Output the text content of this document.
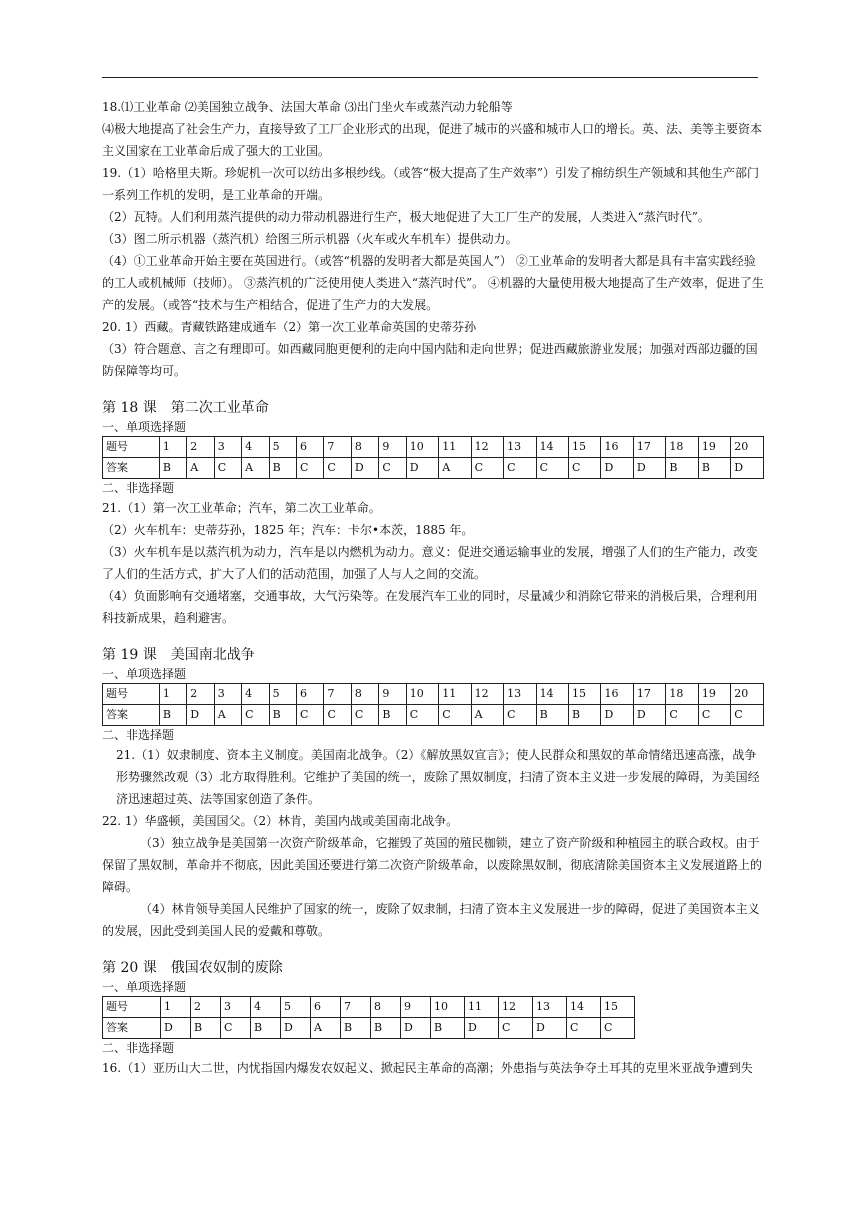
18.⑴工业革命 ⑵美国独立战争、法国大革命 ⑶出门坐火车或蒸汽动力轮船等

⑷极大地提高了社会生产力，直接导致了工厂企业形式的出现，促进了城市的兴盛和城市人口的增长。英、法、美等主要资本主义国家在工业革命后成了强大的工业国。

19.（1）哈格里夫斯。珍妮机一次可以纺出多根纱线。（或答“极大提高了生产效率”）引发了棉纺织生产领域和其他生产部门一系列工作机的发明，是工业革命的开端。

（2）瓦特。人们利用蒸汽提供的动力带动机器进行生产，极大地促进了大工厂生产的发展，人类进入“蒸汽时代”。

（3）图二所示机器（蒸汽机）给图三所示机器（火车或火车机车）提供动力。

（4）①工业革命开始主要在英国进行。（或答“机器的发明者大都是英国人”） ②工业革命的发明者大都是具有丰富实践经验的工人或机械师（技师）。 ③蒸汽机的广泛使用使人类进入“蒸汽时代”。 ④机器的大量使用极大地提高了生产效率，促进了生产的发展。（或答“技术与生产相结合，促进了生产力的大发展。

20. 1）西藏。青藏铁路建成通车（2）第一次工业革命英国的史蒂芬孙

（3）符合题意、言之有理即可。如西藏同胞更便利的走向中国内陆和走向世界；促进西藏旅游业发展；加强对西部边疆的国防保障等均可。

第 18 课　第二次工业革命

一、单项选择题

题号	1	2	3	4	5	6	7	8	9	10	11	12	13	14	15	16	17	18	19	20
答案	B	A	C	A	B	C	C	D	C	D	A	C	C	C	C	D	D	B	B	D

二、非选择题

21.（1）第一次工业革命；汽车，第二次工业革命。

（2）火车机车：史蒂芬孙，1825 年；汽车：卡尔•本茨，1885 年。

（3）火车机车是以蒸汽机为动力，汽车是以内燃机为动力。意义：促进交通运输事业的发展，增强了人们的生产能力，改变了人们的生活方式，扩大了人们的活动范围，加强了人与人之间的交流。

（4）负面影响有交通堵塞，交通事故，大气污染等。在发展汽车工业的同时，尽量减少和消除它带来的消极后果，合理利用科技新成果，趋利避害。

第 19 课　美国南北战争

一、单项选择题

题号	1	2	3	4	5	6	7	8	9	10	11	12	13	14	15	16	17	18	19	20
答案	B	D	A	C	B	C	C	C	B	C	C	A	C	B	B	D	D	C	C	C

二、非选择题

21.（1）奴隶制度、资本主义制度。美国南北战争。（2）《解放黑奴宣言》；使人民群众和黑奴的革命情绪迅速高涨，战争形势骤然改观（3）北方取得胜利。它维护了美国的统一，废除了黑奴制度，扫清了资本主义进一步发展的障碍，为美国经济迅速超过英、法等国家创造了条件。

22. 1）华盛顿，美国国父。（2）林肯，美国内战或美国南北战争。

（3）独立战争是美国第一次资产阶级革命，它摧毁了英国的殖民枷锁，建立了资产阶级和种植园主的联合政权。由于保留了黑奴制，革命并不彻底，因此美国还要进行第二次资产阶级革命，以废除黑奴制，彻底清除美国资本主义发展道路上的障碍。

（4）林肯领导美国人民维护了国家的统一，废除了奴隶制，扫清了资本主义发展进一步的障碍，促进了美国资本主义的发展，因此受到美国人民的爱戴和尊敬。

第 20 课　俄国农奴制的废除

一、单项选择题

题号	1	2	3	4	5	6	7	8	9	10	11	12	13	14	15
答案	D	B	C	B	D	A	B	B	D	B	D	C	D	C	C

二、非选择题

16.（1）亚历山大二世，内忧指国内爆发农奴起义、掀起民主革命的高潮；外患指与英法争夺土耳其的克里米亚战争遭到失
